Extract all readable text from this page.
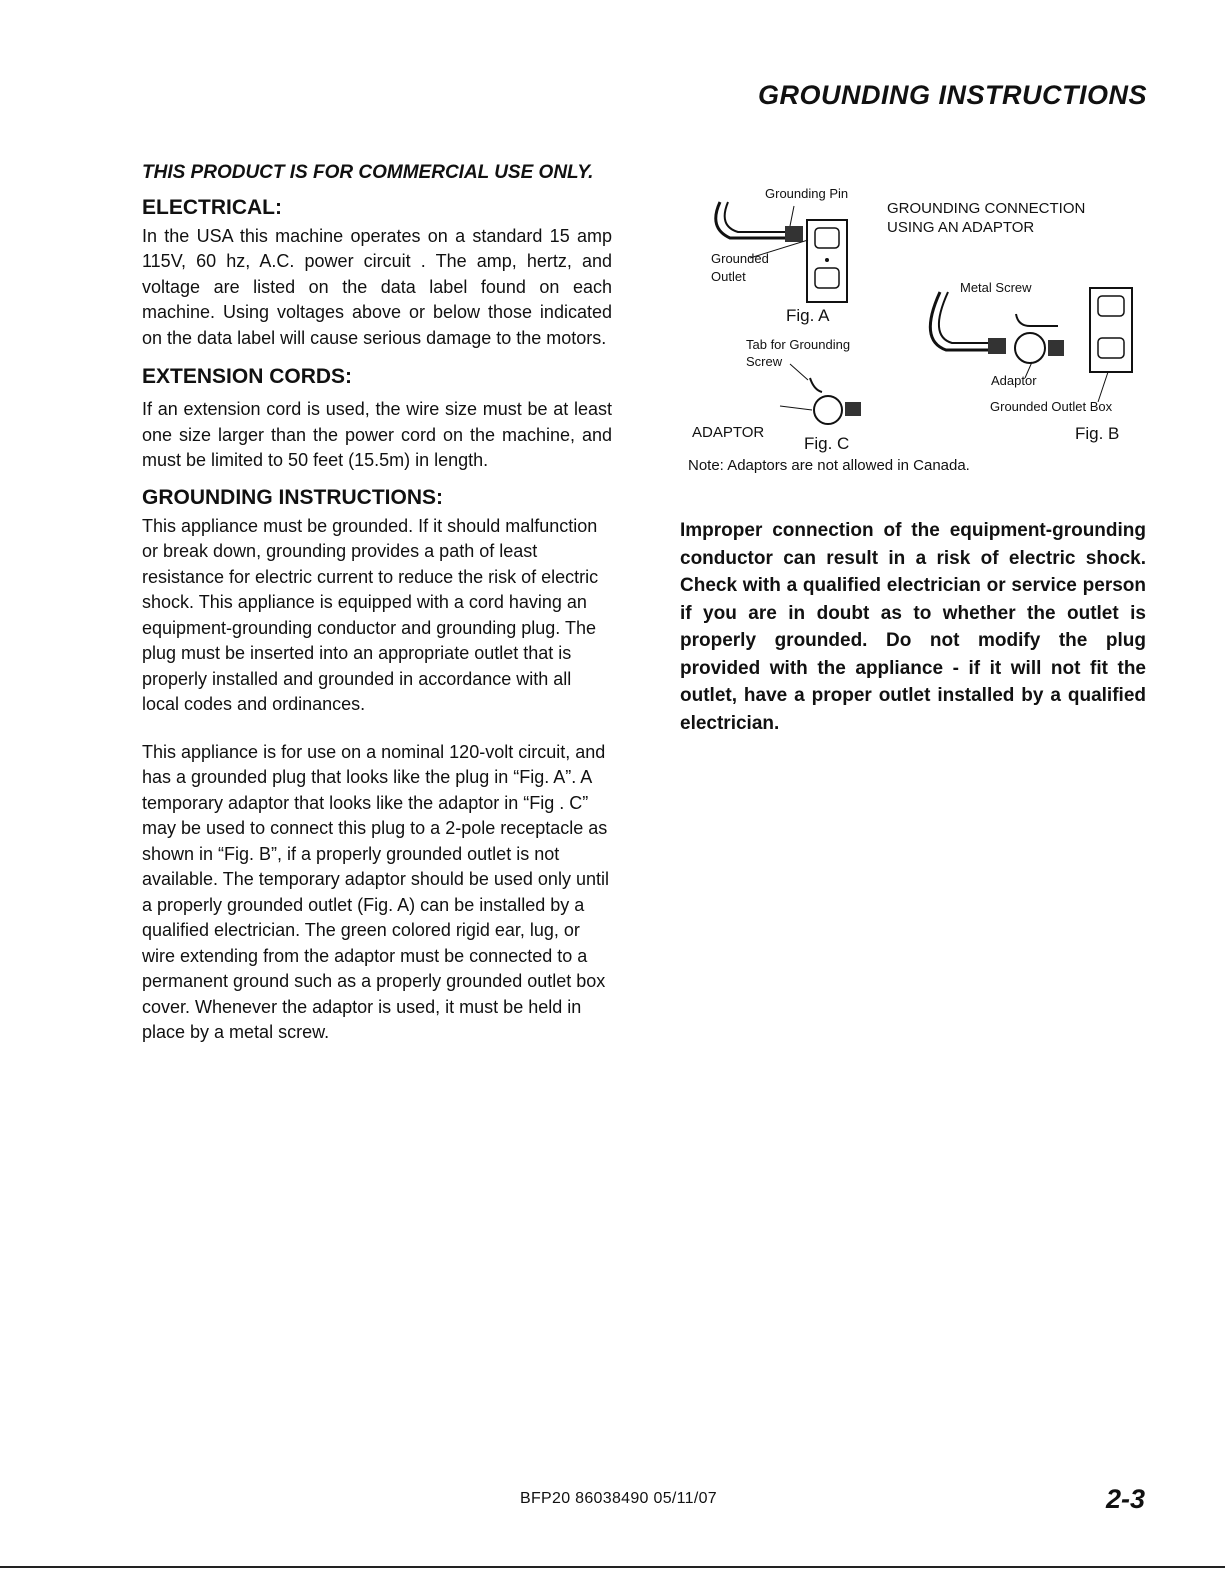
GROUNDING INSTRUCTIONS
THIS PRODUCT IS FOR COMMERCIAL USE ONLY.
ELECTRICAL:

In the USA this machine operates on a standard 15 amp 115V, 60 hz, A.C. power circuit . The amp, hertz, and voltage are listed on the data label found on each machine. Using voltages above or below those indicated on the data label will cause serious damage to the motors.

EXTENSION CORDS:

If an extension cord is used, the wire size must be at least one size larger than the power cord on the machine, and must be limited to 50 feet (15.5m) in length.

GROUNDING INSTRUCTIONS:

This appliance must be grounded. If it should malfunction or break down, grounding provides a path of least resistance for electric current to reduce the risk of electric shock. This appliance is equipped with a cord having an equipment-grounding conductor and grounding plug. The plug must be inserted into an appropriate outlet that is properly installed and grounded in accordance with all local codes and ordinances.

This appliance is for use on a nominal 120-volt circuit, and has a grounded plug that looks like the plug in “Fig. A”. A temporary adaptor that looks like the adaptor in “Fig . C” may be used to connect this plug to a 2-pole receptacle as shown in “Fig. B”, if a properly grounded outlet is not available. The temporary adaptor should be used only until a properly grounded outlet (Fig. A) can be installed by a qualified electrician. The green colored rigid ear, lug, or wire extending from the adaptor must be connected to a permanent ground such as a properly grounded outlet box cover. Whenever the adaptor is used, it must be held in place by a metal screw.

Grounding Pin
Grounded
Outlet
Fig. A
GROUNDING CONNECTION
USING AN ADAPTOR
Metal Screw
Tab for Grounding
Screw
Adaptor
ADAPTOR
Grounded Outlet Box
Fig. B
Fig. C
Note: Adaptors are not allowed in Canada.
Improper connection of the equipment-grounding conductor can result in a risk of electric shock. Check with a qualified electrician or service person if you are in doubt as to whether the outlet is properly grounded. Do not modify the plug provided with the appliance - if it will not fit the outlet, have a proper outlet installed by a qualified electrician.
BFP20 86038490 05/11/07	2-3
